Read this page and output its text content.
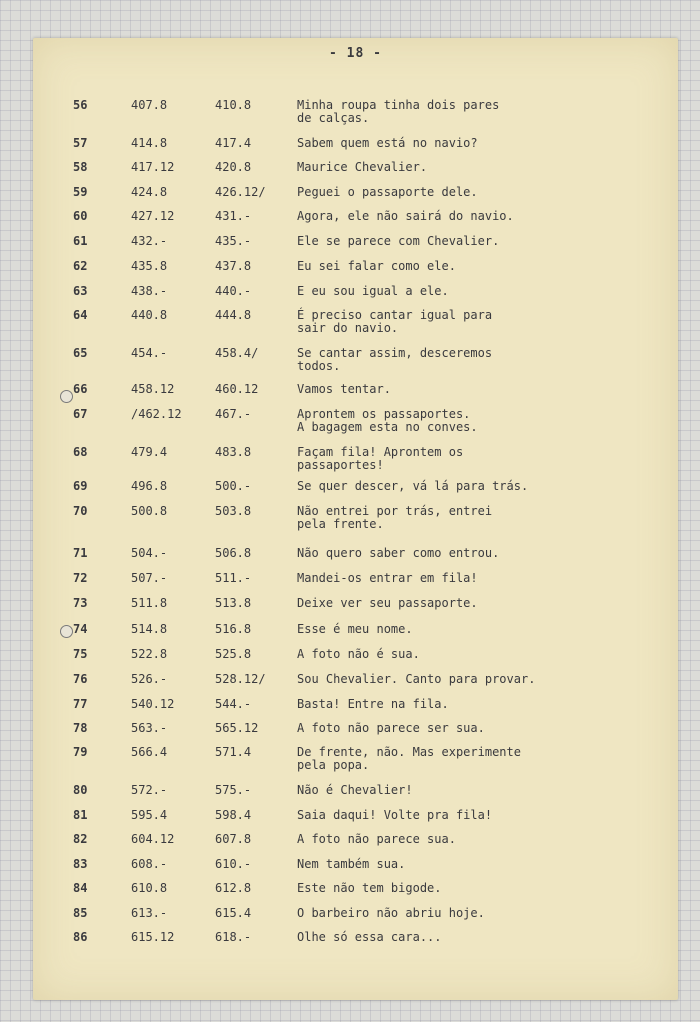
- 18 -
56	407.8	410.8	Minha roupa tinha dois pares
de calças.
57	414.8	417.4	Sabem quem está no navio?
58	417.12	420.8	Maurice Chevalier.
59	424.8	426.12/	Peguei o passaporte dele.
60	427.12	431.-	Agora, ele não sairá do navio.
61	432.-	435.-	Ele se parece com Chevalier.
62	435.8	437.8	Eu sei falar como ele.
63	438.-	440.-	E eu sou igual a ele.
64	440.8	444.8	É preciso cantar igual para
sair do navio.
65	454.-	458.4/	Se cantar assim, desceremos
todos.
66	458.12	460.12	Vamos tentar.
67	/462.12	467.-	Aprontem os passaportes.
A bagagem esta no conves.
68	479.4	483.8	Façam fila! Aprontem os
passaportes!
69	496.8	500.-	Se quer descer, vá lá para trás.
70	500.8	503.8	Não entrei por trás, entrei
pela frente.
71	504.-	506.8	Não quero saber como entrou.
72	507.-	511.-	Mandei-os entrar em fila!
73	511.8	513.8	Deixe ver seu passaporte.
74	514.8	516.8	Esse é meu nome.
75	522.8	525.8	A foto não é sua.
76	526.-	528.12/	Sou Chevalier. Canto para provar.
77	540.12	544.-	Basta! Entre na fila.
78	563.-	565.12	A foto não parece ser sua.
79	566.4	571.4	De frente, não. Mas experimente
pela popa.
80	572.-	575.-	Não é Chevalier!
81	595.4	598.4	Saia daqui! Volte pra fila!
82	604.12	607.8	A foto não parece sua.
83	608.-	610.-	Nem também sua.
84	610.8	612.8	Este não tem bigode.
85	613.-	615.4	O barbeiro não abriu hoje.
86	615.12	618.-	Olhe só essa cara...
